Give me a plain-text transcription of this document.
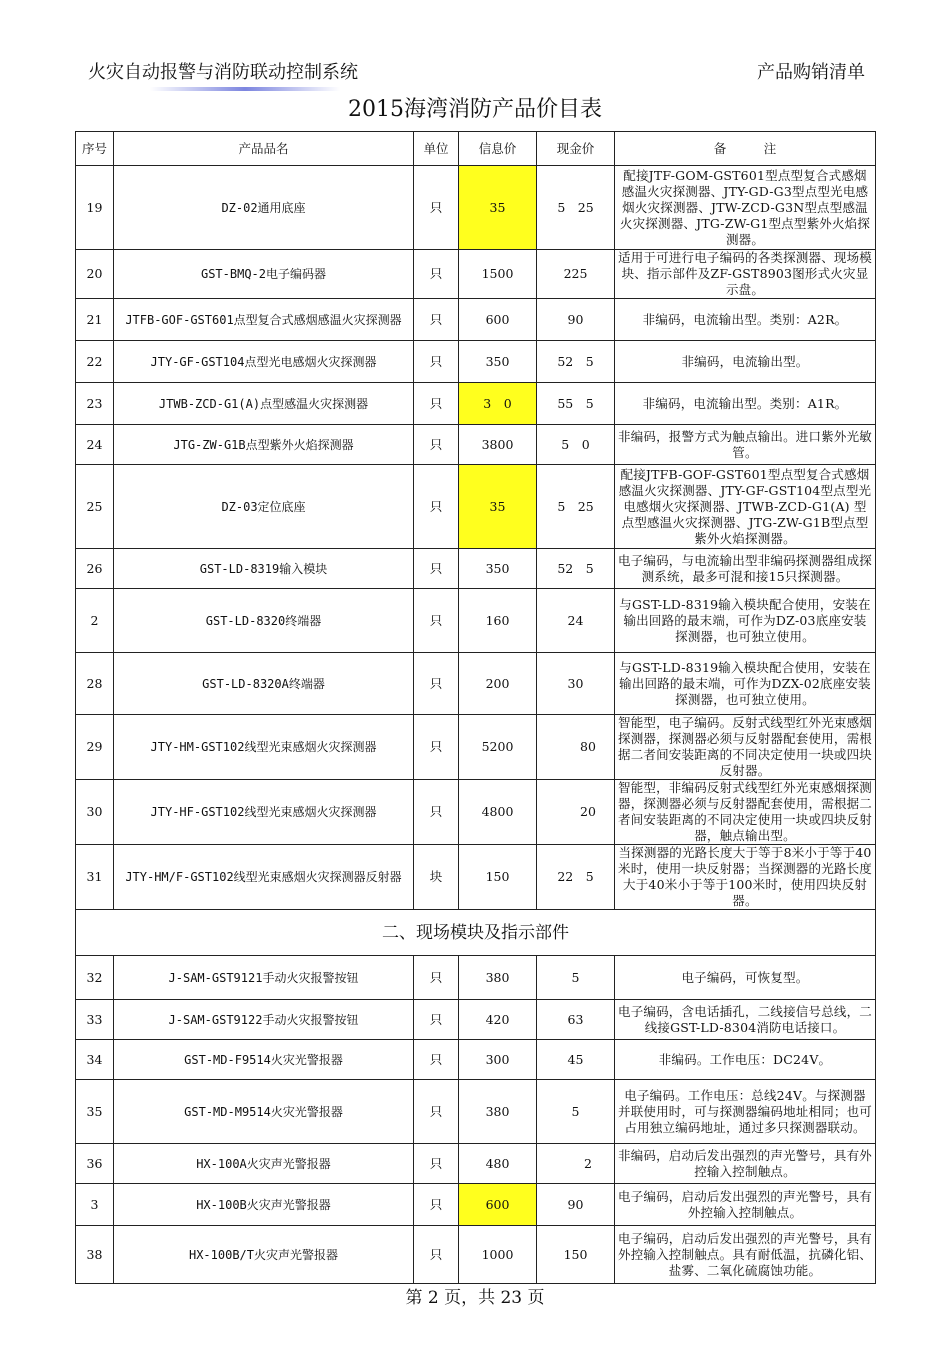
火灾自动报警与消防联动控制系统	产品购销清单
2015海湾消防产品价目表
序号	产品品名	单位	信息价	现金价	备　　　注
19	DZ-02通用底座	只	35	5　25	配接JTF-GOM-GST601型点型复合式感烟感温火灾探测器、JTY-GD-G3型点型光电感烟火灾探测器、JTW-ZCD-G3N型点型感温火灾探测器、JTG-ZW-G1型点型紫外火焰探测器。
20	GST-BMQ-2电子编码器	只	1500	225	适用于可进行电子编码的各类探测器、现场模块、指示部件及ZF-GST8903图形式火灾显示盘。
21	JTFB-GOF-GST601点型复合式感烟感温火灾探测器	只	600	90	非编码，电流输出型。类别：A2R。
22	JTY-GF-GST104点型光电感烟火灾探测器	只	350	52　5	非编码，电流输出型。
23	JTWB-ZCD-G1(A)点型感温火灾探测器	只	3　0	55　5	非编码，电流输出型。类别：A1R。
24	JTG-ZW-G1B点型紫外火焰探测器	只	3800	5　0	非编码，报警方式为触点输出。进口紫外光敏管。
25	DZ-03定位底座	只	35	5　25	配接JTFB-GOF-GST601型点型复合式感烟感温火灾探测器、JTY-GF-GST104型点型光电感烟火灾探测器、JTWB-ZCD-G1(A) 型点型感温火灾探测器、JTG-ZW-G1B型点型紫外火焰探测器。
26	GST-LD-8319输入模块	只	350	52　5	电子编码，与电流输出型非编码探测器组成探测系统，最多可混和接15只探测器。
2	GST-LD-8320终端器	只	160	24	与GST-LD-8319输入模块配合使用，安装在输出回路的最末端，可作为DZ-03底座安装探测器，也可独立使用。
28	GST-LD-8320A终端器	只	200	30	与GST-LD-8319输入模块配合使用，安装在输出回路的最末端，可作为DZX-02底座安装探测器，也可独立使用。
29	JTY-HM-GST102线型光束感烟火灾探测器	只	5200	　　80	智能型，电子编码。反射式线型红外光束感烟探测器，探测器必须与反射器配套使用，需根据二者间安装距离的不同决定使用一块或四块反射器。
30	JTY-HF-GST102线型光束感烟火灾探测器	只	4800	　　20	智能型，非编码反射式线型红外光束感烟探测器，探测器必须与反射器配套使用，需根据二者间安装距离的不同决定使用一块或四块反射器，触点输出型。
31	JTY-HM/F-GST102线型光束感烟火灾探测器反射器	块	150	22　5	当探测器的光路长度大于等于8米小于等于40米时，使用一块反射器；当探测器的光路长度大于40米小于等于100米时，使用四块反射器。
二、现场模块及指示部件					
32	J-SAM-GST9121手动火灾报警按钮	只	380	5	电子编码，可恢复型。
33	J-SAM-GST9122手动火灾报警按钮	只	420	63	电子编码，含电话插孔，二线接信号总线，二线接GST-LD-8304消防电话接口。
34	GST-MD-F9514火灾光警报器	只	300	45	非编码。工作电压：DC24V。
35	GST-MD-M9514火灾光警报器	只	380	5	电子编码。工作电压：总线24V。与探测器并联使用时，可与探测器编码地址相同；也可占用独立编码地址，通过多只探测器联动。
36	HX-100A火灾声光警报器	只	480	　　2	非编码，启动后发出强烈的声光警号，具有外控输入控制触点。
3	HX-100B火灾声光警报器	只	600	90	电子编码，启动后发出强烈的声光警号，具有外控输入控制触点。
38	HX-100B/T火灾声光警报器	只	1000	150	电子编码，启动后发出强烈的声光警号，具有外控输入控制触点。具有耐低温，抗磷化铝、盐雾、二氧化硫腐蚀功能。
第 2 页，共 23 页
